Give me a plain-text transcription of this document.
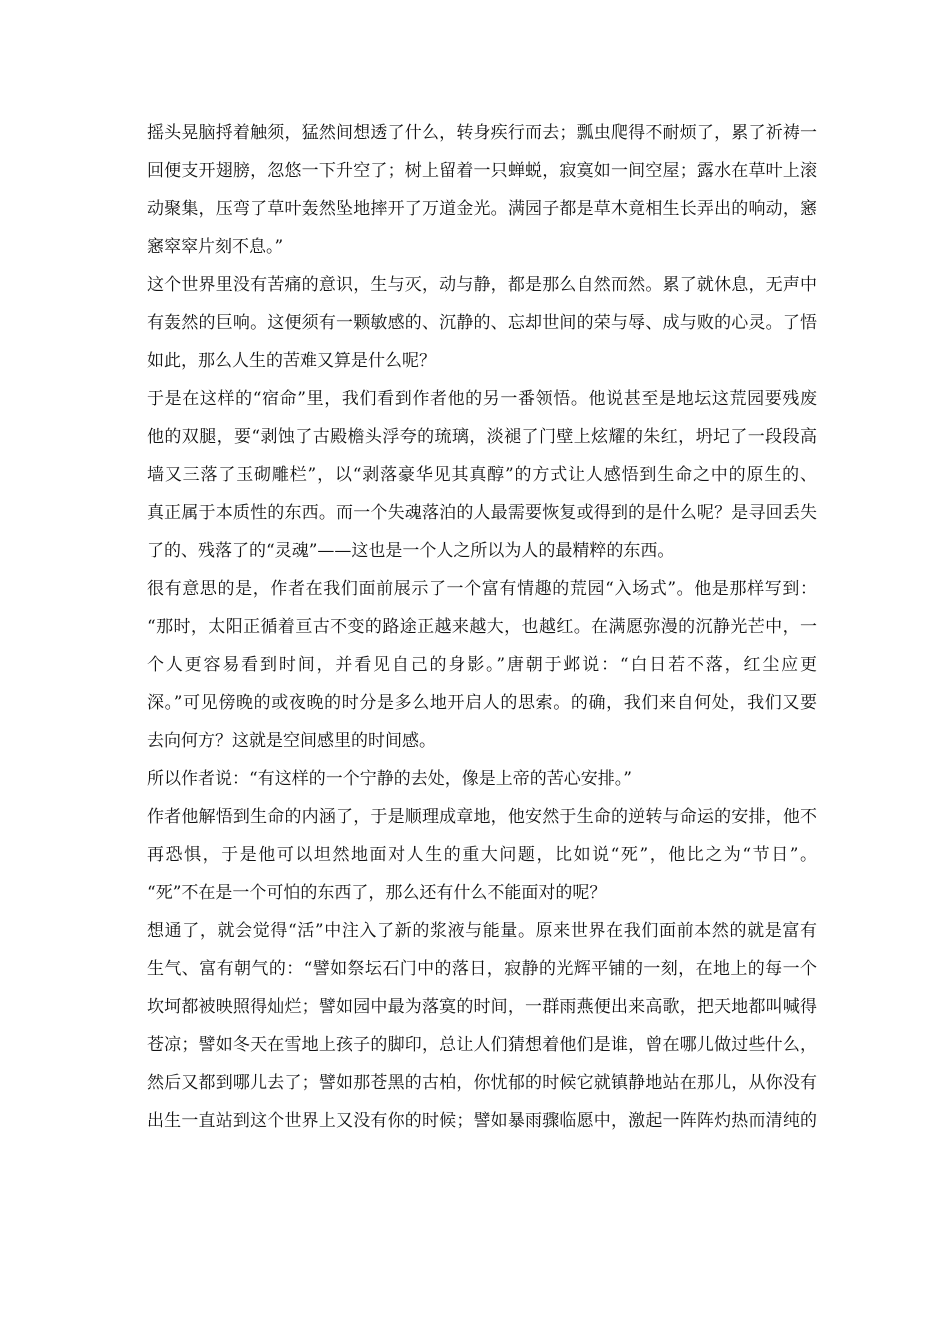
摇头晃脑捋着触须，猛然间想透了什么，转身疾行而去；瓢虫爬得不耐烦了，累了祈祷一
回便支开翅膀，忽悠一下升空了；树上留着一只蝉蜕，寂寞如一间空屋；露水在草叶上滚
动聚集，压弯了草叶轰然坠地摔开了万道金光。满园子都是草木竟相生长弄出的响动，窸
窸窣窣片刻不息。”
这个世界里没有苦痛的意识，生与灭，动与静，都是那么自然而然。累了就休息，无声中
有轰然的巨响。这便须有一颗敏感的、沉静的、忘却世间的荣与辱、成与败的心灵。了悟
如此，那么人生的苦难又算是什么呢？
于是在这样的“宿命”里，我们看到作者他的另一番领悟。他说甚至是地坛这荒园要残废
他的双腿，要“剥蚀了古殿檐头浮夸的琉璃，淡褪了门壁上炫耀的朱红，坍圮了一段段高
墙又三落了玉砌雕栏”，以“剥落豪华见其真醇”的方式让人感悟到生命之中的原生的、
真正属于本质性的东西。而一个失魂落泊的人最需要恢复或得到的是什么呢？是寻回丢失
了的、残落了的“灵魂”——这也是一个人之所以为人的最精粹的东西。
很有意思的是，作者在我们面前展示了一个富有情趣的荒园“入场式”。他是那样写到：
“那时，太阳正循着亘古不变的路途正越来越大，也越红。在满愿弥漫的沉静光芒中，一
个人更容易看到时间，并看见自己的身影。”唐朝于邺说：“白日若不落，红尘应更
深。”可见傍晚的或夜晚的时分是多么地开启人的思索。的确，我们来自何处，我们又要
去向何方？这就是空间感里的时间感。
所以作者说：“有这样的一个宁静的去处，像是上帝的苦心安排。”
作者他解悟到生命的内涵了，于是顺理成章地，他安然于生命的逆转与命运的安排，他不
再恐惧，于是他可以坦然地面对人生的重大问题，比如说“死”，他比之为“节日”。
“死”不在是一个可怕的东西了，那么还有什么不能面对的呢？
想通了，就会觉得“活”中注入了新的浆液与能量。原来世界在我们面前本然的就是富有
生气、富有朝气的：“譬如祭坛石门中的落日，寂静的光辉平铺的一刻，在地上的每一个
坎坷都被映照得灿烂；譬如园中最为落寞的时间，一群雨燕便出来高歌，把天地都叫喊得
苍凉；譬如冬天在雪地上孩子的脚印，总让人们猜想着他们是谁，曾在哪儿做过些什么，
然后又都到哪儿去了；譬如那苍黑的古柏，你忧郁的时候它就镇静地站在那儿，从你没有
出生一直站到这个世界上又没有你的时候；譬如暴雨骤临愿中，激起一阵阵灼热而清纯的
